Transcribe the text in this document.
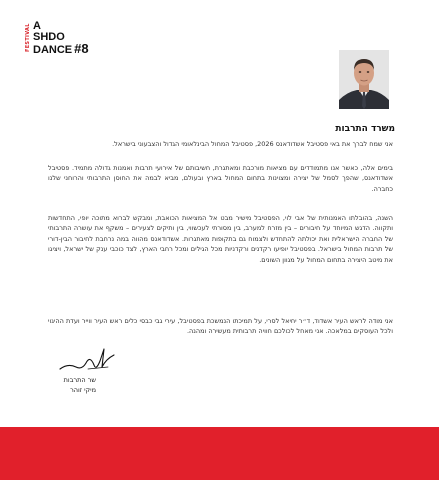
FESTIVAL A
SHDO
DANCE #8
משרד התרבות

אני שמח לברך את באי פסטיבל אשדודאנס 2026, פסטיבל המחול הבינלאומי הגדול והצבעוני בישראל.

בימים אלה, כאשר אנו מתמודדים עם מציאות מורכבת ומאתגרת, חשיבותם של אירועי תרבות ואמנות גדולה מתמיד. פסטיבל אשדודאנס, שהפך לסמל של יצירה ומצוינות בתחום המחול בארץ ובעולם, מביא לבמה את החוסן התרבותי והרוחני שלנו כחברה.

השנה, בהובלתו האמנותית של אבי לוי, הפסטיבל מישיר מבט אל המציאות הכואבת, ומבקש לברוא מתוכה יופי, התחדשות ותקווה. הדגש המיוחד על חיבורים – בין מזרח למערב, בין מסורתי לעכשווי, בין ותיקים לצעירים – משקף את עושרה התרבותי של החברה הישראלית ואת יכולתה להתחדש ולצמוח גם בתקופות מאתגרות. אשדודאנס מהווה במה נרחבת לחיבור הבין-דורי של תרבות המחול בישראל. בפסטיבל יופיעו רקדנים ורקדניות מכל הגילים ומכל רחבי הארץ, לצד כוכבי ענק של ישראל, ויציגו את מיטב היצירה בתחום המחול על מגוון השונים.

אני מודה לראש העיר אשדוד, ד״ר יחיאל לסרי, על תמיכתו הנמשכת בפסטיבל, עירי גבי כבסי כלים ראש העיר ווייר ועדת ההיגוי ולכל העוסקים במלאכה. אני מאחל לכולכם חוויה תרבותית מעשירה ומהנה.

שר התרבות
מיקי זוהר
